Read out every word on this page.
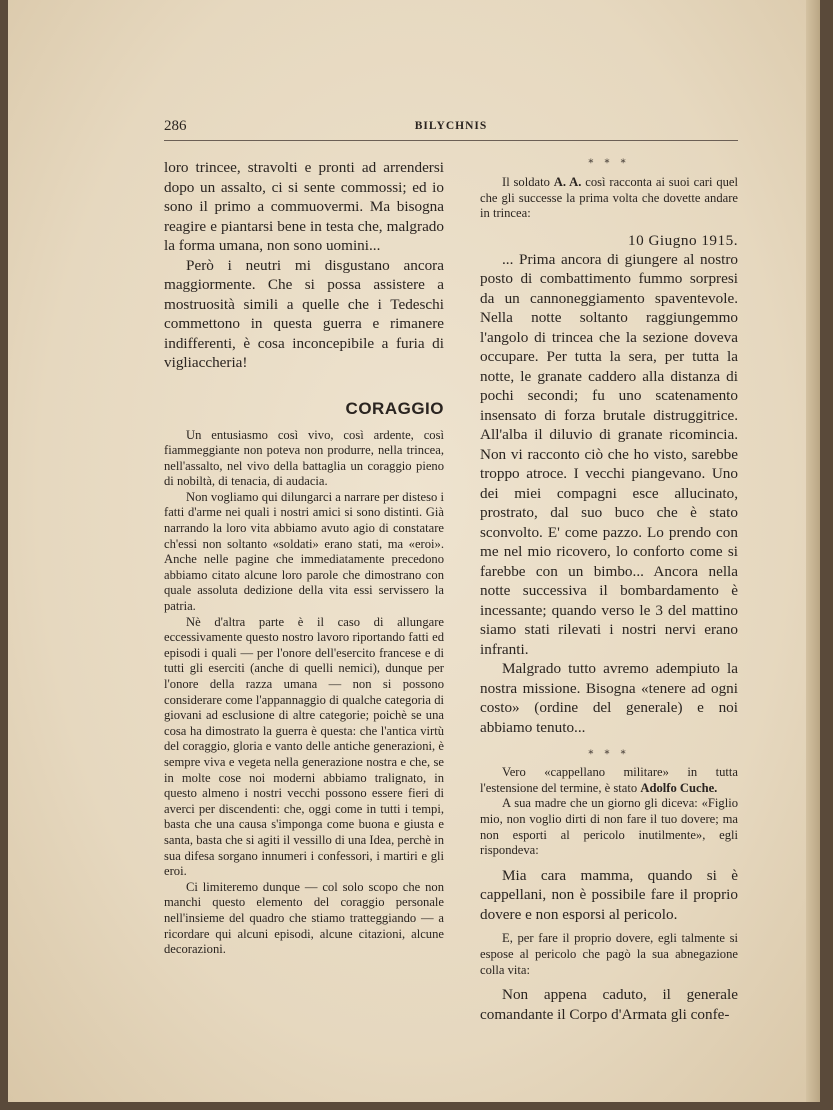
286	BILYCHNIS

loro trincee, stravolti e pronti ad arrendersi dopo un assalto, ci si sente commossi; ed io sono il primo a commuovermi. Ma bisogna reagire e piantarsi bene in testa che, malgrado la forma umana, non sono uomini...

Però i neutri mi disgustano ancora maggiormente. Che si possa assistere a mostruosità simili a quelle che i Tedeschi commettono in questa guerra e rimanere indifferenti, è cosa inconcepibile a furia di vigliaccheria!

CORAGGIO

Un entusiasmo così vivo, così ardente, così fiammeggiante non poteva non produrre, nella trincea, nell'assalto, nel vivo della battaglia un coraggio pieno di nobiltà, di tenacia, di audacia.

Non vogliamo qui dilungarci a narrare per disteso i fatti d'arme nei quali i nostri amici si sono distinti. Già narrando la loro vita abbiamo avuto agio di constatare ch'essi non soltanto «soldati» erano stati, ma «eroi». Anche nelle pagine che immediatamente precedono abbiamo citato alcune loro parole che dimostrano con quale assoluta dedizione della vita essi servissero la patria.

Nè d'altra parte è il caso di allungare eccessivamente questo nostro lavoro riportando fatti ed episodi i quali — per l'onore dell'esercito francese e di tutti gli eserciti (anche di quelli nemici), dunque per l'onore della razza umana — non si possono considerare come l'appannaggio di qualche categoria di giovani ad esclusione di altre categorie; poichè se una cosa ha dimostrato la guerra è questa: che l'antica virtù del coraggio, gloria e vanto delle antiche generazioni, è sempre viva e vegeta nella generazione nostra e che, se in molte cose noi moderni abbiamo tralignato, in questo almeno i nostri vecchi possono essere fieri di averci per discendenti: che, oggi come in tutti i tempi, basta che una causa s'imponga come buona e giusta e santa, basta che si agiti il vessillo di una Idea, perchè in sua difesa sorgano innumeri i confessori, i martiri e gli eroi.

Ci limiteremo dunque — col solo scopo che non manchi questo elemento del coraggio personale nell'insieme del quadro che stiamo tratteggiando — a ricordare qui alcuni episodi, alcune citazioni, alcune decorazioni.

* * *

Il soldato A. A. così racconta ai suoi cari quel che gli successe la prima volta che dovette andare in trincea:

10 Giugno 1915.

... Prima ancora di giungere al nostro posto di combattimento fummo sorpresi da un cannoneggiamento spaventevole. Nella notte soltanto raggiungemmo l'angolo di trincea che la sezione doveva occupare. Per tutta la sera, per tutta la notte, le granate caddero alla distanza di pochi secondi; fu uno scatenamento insensato di forza brutale distruggitrice. All'alba il diluvio di granate ricomincia. Non vi racconto ciò che ho visto, sarebbe troppo atroce. I vecchi piangevano. Uno dei miei compagni esce allucinato, prostrato, dal suo buco che è stato sconvolto. E' come pazzo. Lo prendo con me nel mio ricovero, lo conforto come si farebbe con un bimbo... Ancora nella notte successiva il bombardamento è incessante; quando verso le 3 del mattino siamo stati rilevati i nostri nervi erano infranti.

Malgrado tutto avremo adempiuto la nostra missione. Bisogna «tenere ad ogni costo» (ordine del generale) e noi abbiamo tenuto...

* * *

Vero «cappellano militare» in tutta l'estensione del termine, è stato Adolfo Cuche.

A sua madre che un giorno gli diceva: «Figlio mio, non voglio dirti di non fare il tuo dovere; ma non esporti al pericolo inutilmente», egli rispondeva:

Mia cara mamma, quando si è cappellani, non è possibile fare il proprio dovere e non esporsi al pericolo.

E, per fare il proprio dovere, egli talmente si espose al pericolo che pagò la sua abnegazione colla vita:

Non appena caduto, il generale comandante il Corpo d'Armata gli confe-
